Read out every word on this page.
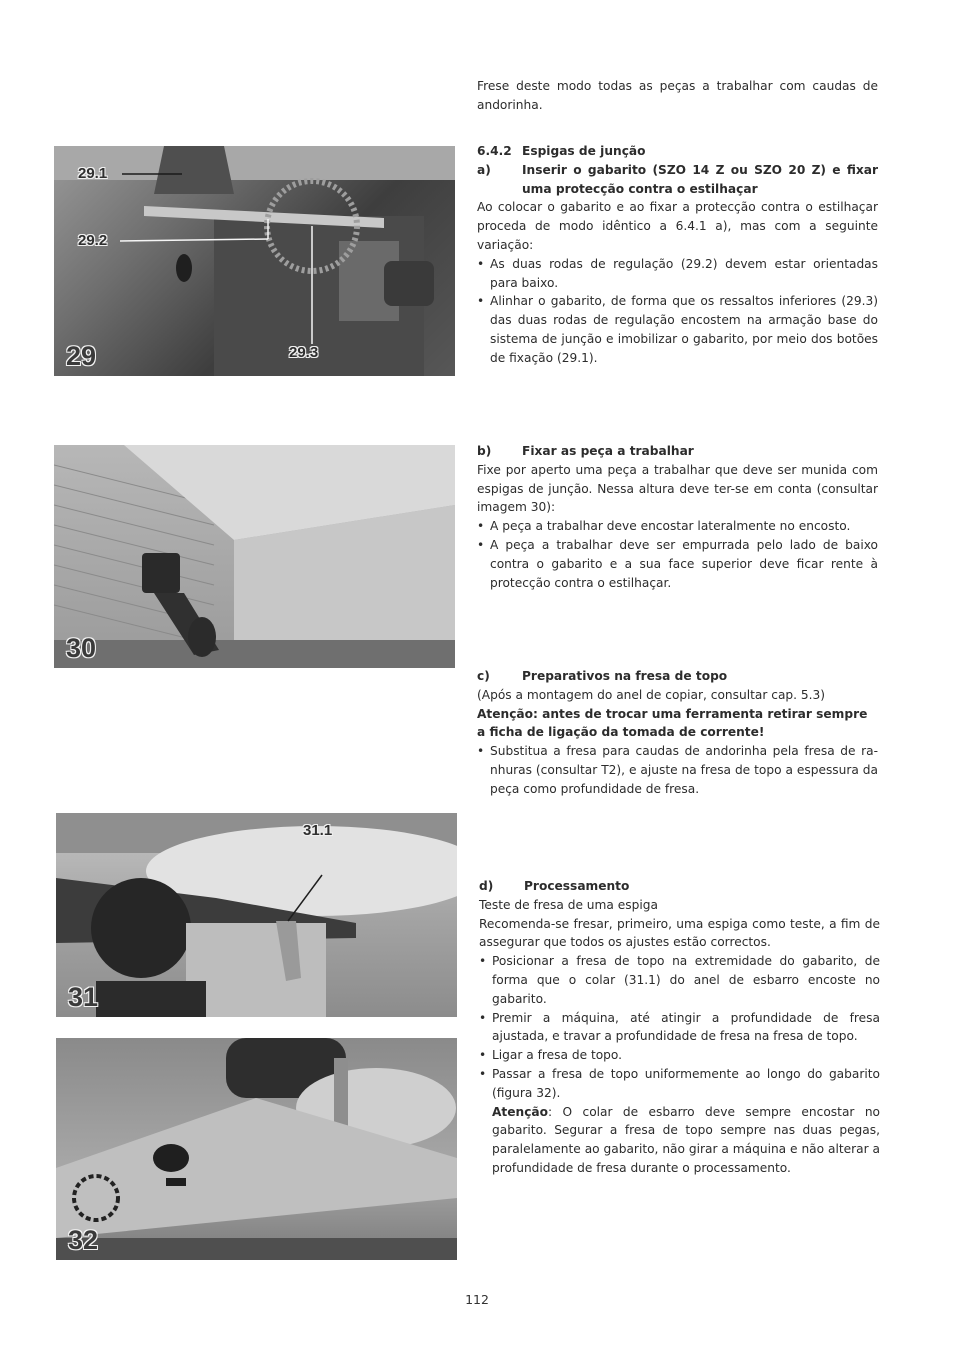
29.1
29.2
29.3
29
30
31.1
31
32

Frese deste modo todas as peças a trabalhar com caudas de andorinha.

6.4.2 Espigas de junção
a)	Inserir o gabarito (SZO 14 Z ou SZO 20 Z) e fixar uma protecção contra o estilhaçar

Ao colocar o gabarito e ao fixar a protecção contra o estilhaçar proceda de modo idêntico a 6.4.1 a), mas com a seguinte variação:

• As duas rodas de regulação (29.2) devem estar orientadas para baixo.
• Alinhar o gabarito, de forma que os ressaltos inferiores (29.3) das duas rodas de regulação encostem na armação base do sistema de junção e imobilizar o gabarito, por meio dos botões de fixação (29.1).
b)	Fixar as peça a trabalhar

Fixe por aperto uma peça a trabalhar que deve ser munida com espigas de junção. Nessa altura deve ter-se em conta (consultar imagem 30):

• A peça a trabalhar deve encostar lateralmente no encosto.
• A peça a trabalhar deve ser empurrada pelo lado de baixo contra o gabarito e a sua face superior deve ficar rente à protecção contra o estilhaçar.
c)	Preparativos na fresa de topo

(Após a montagem do anel de copiar, consultar cap. 5.3)

Atenção: antes de trocar uma ferramenta retirar sempre a ficha de ligação da tomada de corrente!

• Substitua a fresa para caudas de andorinha pela fresa de ranhuras (consultar T2), e ajuste na fresa de topo a espessura da peça como profundidade de fresa.
d)	Processamento

Teste de fresa de uma espiga

Recomenda-se fresar, primeiro, uma espiga como teste, a fim de assegurar que todos os ajustes estão correctos.

• Posicionar a fresa de topo na extremidade do gabarito, de forma que o colar (31.1) do anel de esbarro encoste no gabarito.
• Premir a máquina, até atingir a profundidade de fresa ajustada, e travar a profundidade de fresa na fresa de topo.
• Ligar a fresa de topo.
• Passar a fresa de topo uniformemente ao longo do gabarito (figura 32).

Atenção: O colar de esbarro deve sempre encostar no gabarito. Segurar a fresa de topo sempre nas duas pegas, paralelamente ao gabarito, não girar a máquina e não alterar a profundidade de fresa durante o processamento.

112
